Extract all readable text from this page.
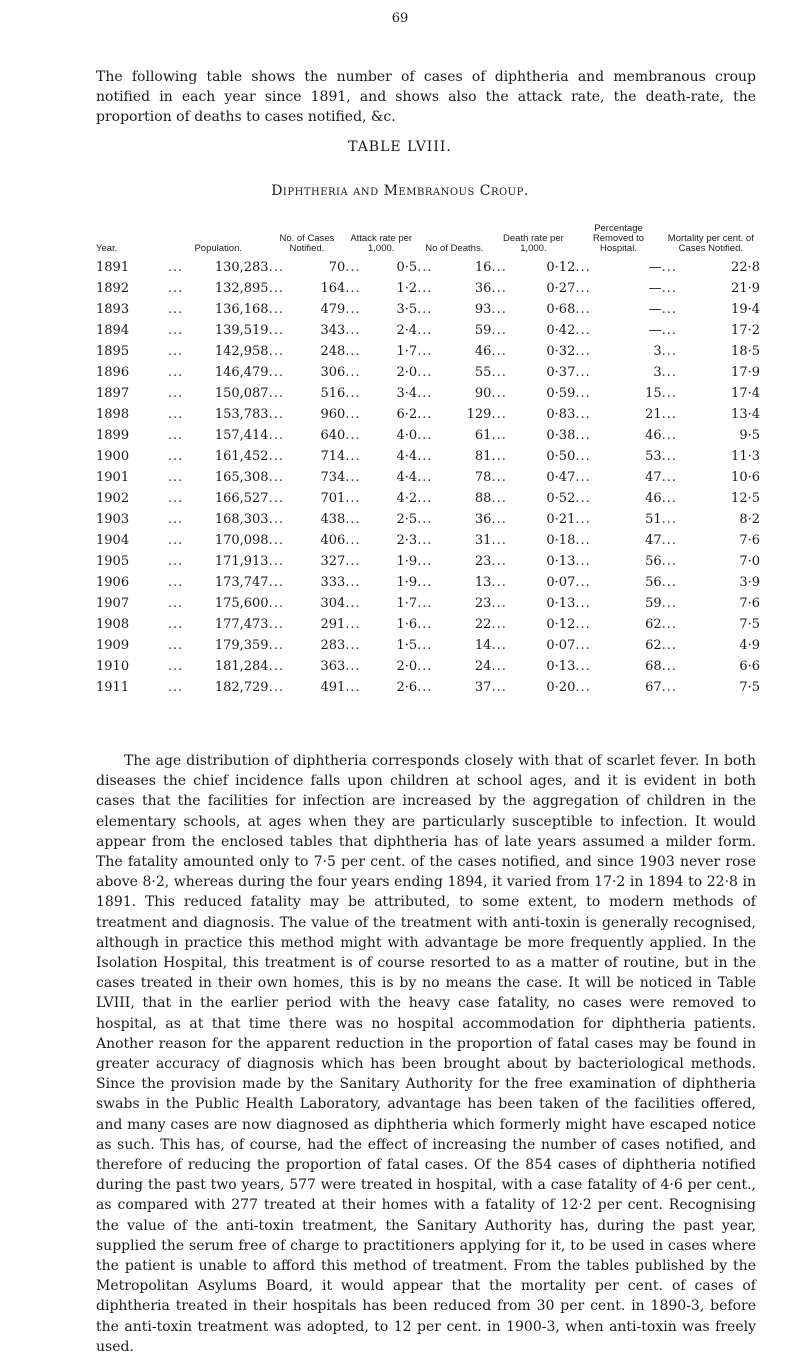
69

The following table shows the number of cases of diphtheria and membranous croup notified in each year since 1891, and shows also the attack rate, the death-rate, the proportion of deaths to cases notified, &c.

TABLE LVIII.
Diphtheria and Membranous Croup.
Year.	Population.		No. of Cases Notified.		Attack rate per 1,000.		No of Deaths.		Death rate per 1,000.		Percentage Removed to Hospital.		Mortality per cent. of Cases Notified.	
1891	...	130,283	...	70	...	0·5	...	16	...	0·12	...	—	...	22·8
1892	...	132,895	...	164	...	1·2	...	36	...	0·27	...	—	...	21·9
1893	...	136,168	...	479	...	3·5	...	93	...	0·68	...	—	...	19·4
1894	...	139,519	...	343	...	2·4	...	59	...	0·42	...	—	...	17·2
1895	...	142,958	...	248	...	1·7	...	46	...	0·32	...	3	...	18·5
1896	...	146,479	...	306	...	2·0	...	55	...	0·37	...	3	...	17·9
1897	...	150,087	...	516	...	3·4	...	90	...	0·59	...	15	...	17·4
1898	...	153,783	...	960	...	6·2	...	129	...	0·83	...	21	...	13·4
1899	...	157,414	...	640	...	4·0	...	61	...	0·38	...	46	...	9·5
1900	...	161,452	...	714	...	4·4	...	81	...	0·50	...	53	...	11·3
1901	...	165,308	...	734	...	4·4	...	78	...	0·47	...	47	...	10·6
1902	...	166,527	...	701	...	4·2	...	88	...	0·52	...	46	...	12·5
1903	...	168,303	...	438	...	2·5	...	36	...	0·21	...	51	...	8·2
1904	...	170,098	...	406	...	2·3	...	31	...	0·18	...	47	...	7·6
1905	...	171,913	...	327	...	1·9	...	23	...	0·13	...	56	...	7·0
1906	...	173,747	...	333	...	1·9	...	13	...	0·07	...	56	...	3·9
1907	...	175,600	...	304	...	1·7	...	23	...	0·13	...	59	...	7·6
1908	...	177,473	...	291	...	1·6	...	22	...	0·12	...	62	...	7·5
1909	...	179,359	...	283	...	1·5	...	14	...	0·07	...	62	...	4·9
1910	...	181,284	...	363	...	2·0	...	24	...	0·13	...	68	...	6·6
1911	...	182,729	...	491	...	2·6	...	37	...	0·20	...	67	...	7·5

The age distribution of diphtheria corresponds closely with that of scarlet fever. In both diseases the chief incidence falls upon children at school ages, and it is evident in both cases that the facilities for infection are increased by the aggregation of children in the elementary schools, at ages when they are particularly susceptible to infection. It would appear from the enclosed tables that diphtheria has of late years assumed a milder form. The fatality amounted only to 7·5 per cent. of the cases notified, and since 1903 never rose above 8·2, whereas during the four years ending 1894, it varied from 17·2 in 1894 to 22·8 in 1891. This reduced fatality may be attributed, to some extent, to modern methods of treatment and diagnosis. The value of the treatment with anti-toxin is generally recognised, although in practice this method might with advantage be more frequently applied. In the Isolation Hospital, this treatment is of course resorted to as a matter of routine, but in the cases treated in their own homes, this is by no means the case. It will be noticed in Table LVIII, that in the earlier period with the heavy case fatality, no cases were removed to hospital, as at that time there was no hospital accommodation for diphtheria patients. Another reason for the apparent reduction in the proportion of fatal cases may be found in greater accuracy of diagnosis which has been brought about by bacteriological methods. Since the provision made by the Sanitary Authority for the free examination of diphtheria swabs in the Public Health Laboratory, advantage has been taken of the facilities offered, and many cases are now diagnosed as diphtheria which formerly might have escaped notice as such. This has, of course, had the effect of increasing the number of cases notified, and therefore of reducing the proportion of fatal cases. Of the 854 cases of diphtheria notified during the past two years, 577 were treated in hospital, with a case fatality of 4·6 per cent., as compared with 277 treated at their homes with a fatality of 12·2 per cent. Recognising the value of the anti-toxin treatment, the Sanitary Authority has, during the past year, supplied the serum free of charge to practitioners applying for it, to be used in cases where the patient is unable to afford this method of treatment. From the tables published by the Metropolitan Asylums Board, it would appear that the mortality per cent. of cases of diphtheria treated in their hospitals has been reduced from 30 per cent. in 1890-3, before the anti-toxin treatment was adopted, to 12 per cent. in 1900-3, when anti-toxin was freely used.
